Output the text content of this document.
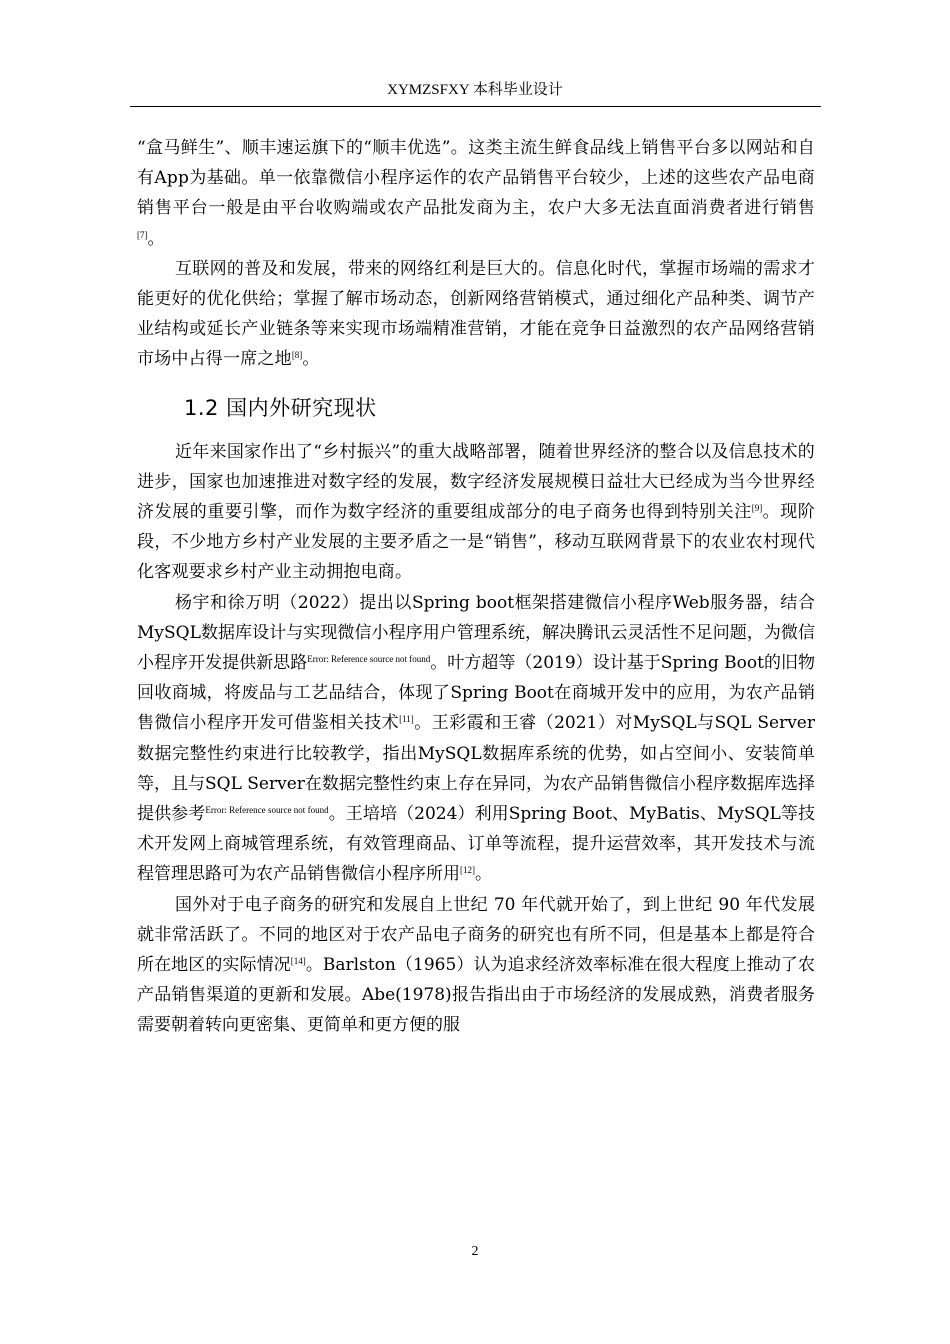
XYMZSFXY 本科毕业设计

“盒马鲜生”、顺丰速运旗下的“顺丰优选”。这类主流生鲜食品线上销售平台多以网站和自有App为基础。单一依靠微信小程序运作的农产品销售平台较少，上述的这些农产品电商销售平台一般是由平台收购端或农产品批发商为主，农户大多无法直面消费者进行销售[7]。

互联网的普及和发展，带来的网络红利是巨大的。信息化时代，掌握市场端的需求才能更好的优化供给；掌握了解市场动态，创新网络营销模式，通过细化产品种类、调节产业结构或延长产业链条等来实现市场端精准营销，才能在竞争日益激烈的农产品网络营销市场中占得一席之地[8]。

1.2 国内外研究现状

近年来国家作出了“乡村振兴”的重大战略部署，随着世界经济的整合以及信息技术的进步，国家也加速推进对数字经的发展，数字经济发展规模日益壮大已经成为当今世界经济发展的重要引擎，而作为数字经济的重要组成部分的电子商务也得到特别关注[9]。现阶段，不少地方乡村产业发展的主要矛盾之一是“销售”，移动互联网背景下的农业农村现代化客观要求乡村产业主动拥抱电商。

杨宇和徐万明（2022）提出以Spring boot框架搭建微信小程序Web服务器，结合MySQL数据库设计与实现微信小程序用户管理系统，解决腾讯云灵活性不足问题，为微信小程序开发提供新思路$^{Error: Reference source not found}$。叶方超等（2019）设计基于Spring Boot的旧物回收商城，将废品与工艺品结合，体现了Spring Boot在商城开发中的应用，为农产品销售微信小程序开发可借鉴相关技术[11]。王彩霞和王睿（2021）对MySQL与SQL Server数据完整性约束进行比较教学，指出MySQL数据库系统的优势，如占空间小、安装简单等，且与SQL Server在数据完整性约束上存在异同，为农产品销售微信小程序数据库选择提供参考$^{Error: Reference source not found}$。王培培（2024）利用Spring Boot、MyBatis、MySQL等技术开发网上商城管理系统，有效管理商品、订单等流程，提升运营效率，其开发技术与流程管理思路可为农产品销售微信小程序所用[12]。

国外对于电子商务的研究和发展自上世纪 70 年代就开始了，到上世纪 90 年代发展就非常活跃了。不同的地区对于农产品电子商务的研究也有所不同，但是基本上都是符合所在地区的实际情况[14]。Barlston（1965）认为追求经济效率标准在很大程度上推动了农产品销售渠道的更新和发展。Abe(1978)报告指出由于市场经济的发展成熟，消费者服务需要朝着转向更密集、更简单和更方便的服

2
